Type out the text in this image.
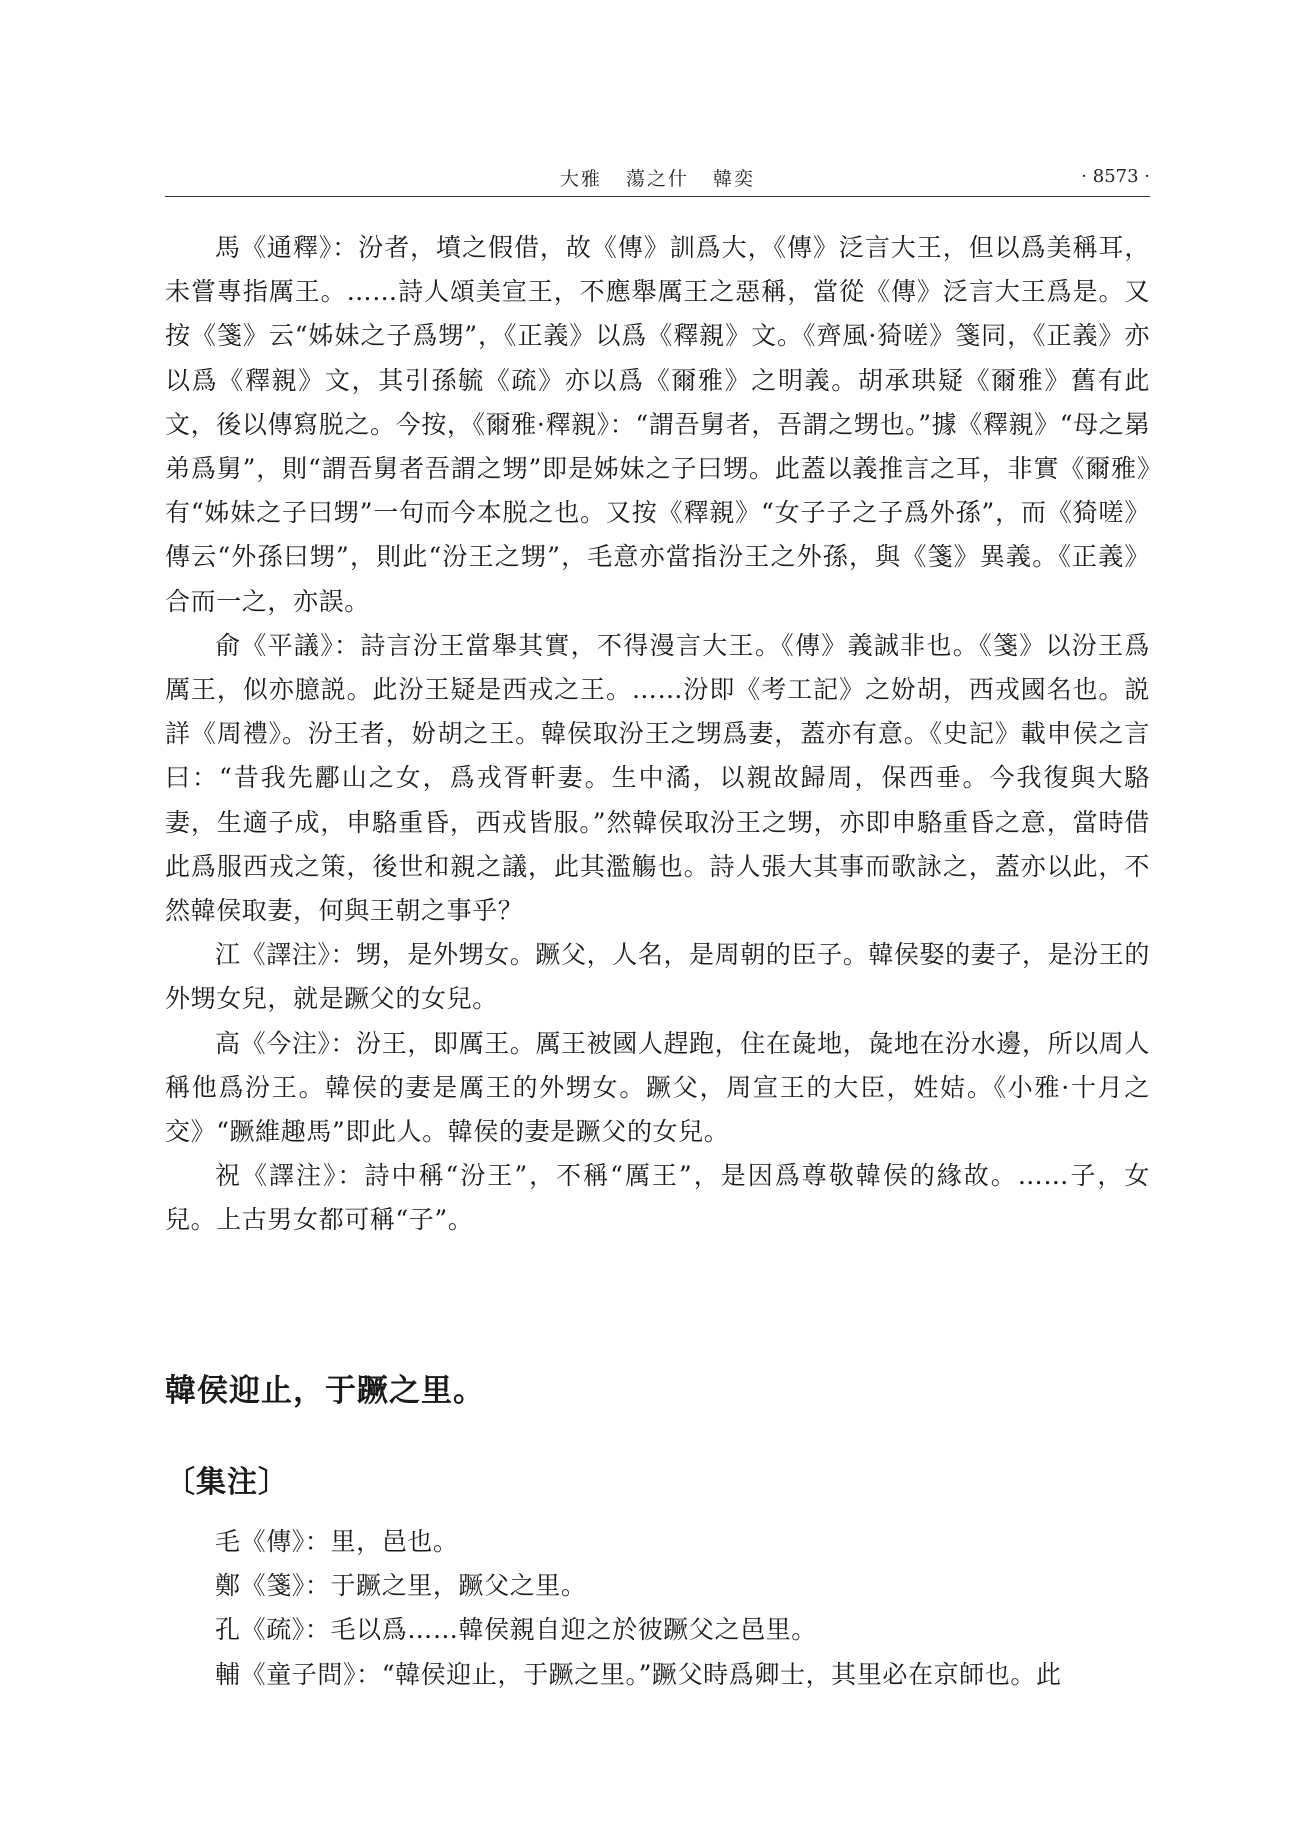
大雅 蕩之什 韓奕	· 8573 ·

馬《通釋》：汾者，墳之假借，故《傳》訓爲大，《傳》泛言大王，但以爲美稱耳，未嘗專指厲王。……詩人頌美宣王，不應舉厲王之惡稱，當從《傳》泛言大王爲是。又按《箋》云“姊妹之子爲甥”，《正義》以爲《釋親》文。《齊風·猗嗟》箋同，《正義》亦以爲《釋親》文，其引孫毓《疏》亦以爲《爾雅》之明義。胡承珙疑《爾雅》舊有此文，後以傳寫脱之。今按，《爾雅·釋親》：“謂吾舅者，吾謂之甥也。”據《釋親》“母之晜弟爲舅”，則“謂吾舅者吾謂之甥”即是姊妹之子曰甥。此蓋以義推言之耳，非實《爾雅》有“姊妹之子曰甥”一句而今本脱之也。又按《釋親》“女子子之子爲外孫”，而《猗嗟》傳云“外孫曰甥”，則此“汾王之甥”，毛意亦當指汾王之外孫，與《箋》異義。《正義》合而一之，亦誤。

俞《平議》：詩言汾王當舉其實，不得漫言大王。《傳》義誠非也。《箋》以汾王爲厲王，似亦臆説。此汾王疑是西戎之王。……汾即《考工記》之妢胡，西戎國名也。説詳《周禮》。汾王者，妢胡之王。韓侯取汾王之甥爲妻，蓋亦有意。《史記》載申侯之言曰：“昔我先酈山之女，爲戎胥軒妻。生中潏，以親故歸周，保西垂。今我復與大駱妻，生適子成，申駱重昏，西戎皆服。”然韓侯取汾王之甥，亦即申駱重昏之意，當時借此爲服西戎之策，後世和親之議，此其濫觴也。詩人張大其事而歌詠之，蓋亦以此，不然韓侯取妻，何與王朝之事乎？

江《譯注》：甥，是外甥女。蹶父，人名，是周朝的臣子。韓侯娶的妻子，是汾王的外甥女兒，就是蹶父的女兒。

高《今注》：汾王，即厲王。厲王被國人趕跑，住在彘地，彘地在汾水邊，所以周人稱他爲汾王。韓侯的妻是厲王的外甥女。蹶父，周宣王的大臣，姓姞。《小雅·十月之交》“蹶維趣馬”即此人。韓侯的妻是蹶父的女兒。

祝《譯注》：詩中稱“汾王”，不稱“厲王”，是因爲尊敬韓侯的緣故。……子，女兒。上古男女都可稱“子”。

韓侯迎止，于蹶之里。
〔集注〕

毛《傳》：里，邑也。

鄭《箋》：于蹶之里，蹶父之里。

孔《疏》：毛以爲……韓侯親自迎之於彼蹶父之邑里。

輔《童子問》：“韓侯迎止，于蹶之里。”蹶父時爲卿士，其里必在京師也。此
